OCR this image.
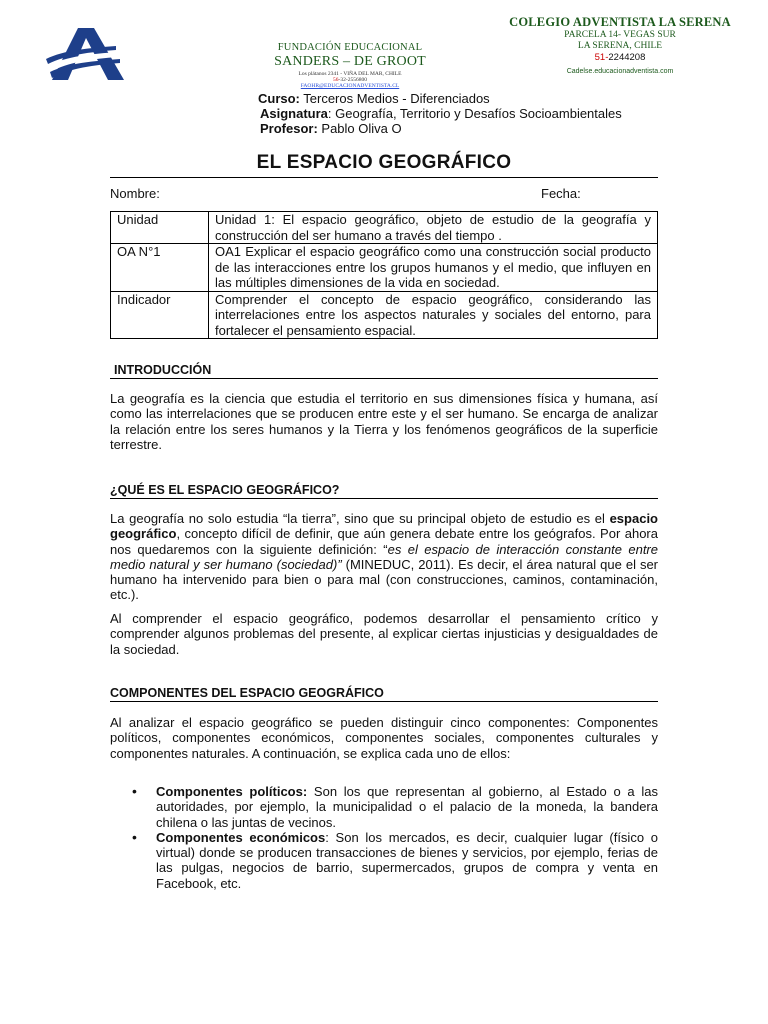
FUNDACIÓN EDUCACIONAL
SANDERS – DE GROOT
Los plátanos 2341 - VIÑA DEL MAR, CHILE
56-32-2556800
FAOHR@EDUCACIONADVENTISTA.CL
COLEGIO ADVENTISTA LA SERENA
PARCELA 14- VEGAS SUR
LA SERENA, CHILE
51-2244208
Cadelse.educacionadventista.com
Curso: Terceros Medios - Diferenciados
Asignatura: Geografía, Territorio y Desafíos Socioambientales
Profesor: Pablo Oliva O
EL ESPACIO GEOGRÁFICO
Nombre:	Fecha:
Unidad	Unidad 1: El espacio geográfico, objeto de estudio de la geografía y construcción del ser humano a través del tiempo .
OA N°1	OA1 Explicar el espacio geográfico como una construcción social producto de las interacciones entre los grupos humanos y el medio, que influyen en las múltiples dimensiones de la vida en sociedad.
Indicador	Comprender el concepto de espacio geográfico, considerando las interrelaciones entre los aspectos naturales y sociales del entorno, para fortalecer el pensamiento espacial.
INTRODUCCIÓN
La geografía es la ciencia que estudia el territorio en sus dimensiones física y humana, así como las interrelaciones que se producen entre este y el ser humano. Se encarga de analizar la relación entre los seres humanos y la Tierra y los fenómenos geográficos de la superficie terrestre.
¿QUÉ ES EL ESPACIO GEOGRÁFICO?
La geografía no solo estudia “la tierra”, sino que su principal objeto de estudio es el espacio geográfico, concepto difícil de definir, que aún genera debate entre los geógrafos. Por ahora nos quedaremos con la siguiente definición: “es el espacio de interacción constante entre medio natural y ser humano (sociedad)” (MINEDUC, 2011). Es decir, el área natural que el ser humano ha intervenido para bien o para mal (con construcciones, caminos, contaminación, etc.).
Al comprender el espacio geográfico, podemos desarrollar el pensamiento crítico y comprender algunos problemas del presente, al explicar ciertas injusticias y desigualdades de la sociedad.
COMPONENTES DEL ESPACIO GEOGRÁFICO
Al analizar el espacio geográfico se pueden distinguir cinco componentes: Componentes políticos, componentes económicos, componentes sociales, componentes culturales y componentes naturales. A continuación, se explica cada uno de ellos:
• Componentes políticos: Son los que representan al gobierno, al Estado o a las autoridades, por ejemplo, la municipalidad o el palacio de la moneda, la bandera chilena o las juntas de vecinos.
• Componentes económicos: Son los mercados, es decir, cualquier lugar (físico o virtual) donde se producen transacciones de bienes y servicios, por ejemplo, ferias de las pulgas, negocios de barrio, supermercados, grupos de compra y venta en Facebook, etc.
